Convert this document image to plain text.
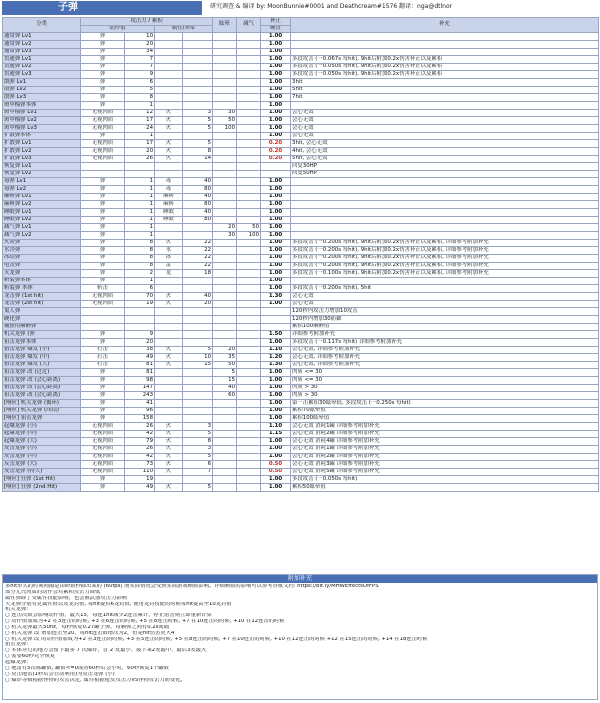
子弹	研究调查 & 编译 by: MoonBunnie#0001 and Deathcream#1576 翻译：nga@dtlnor
分类	攻击力 / 累积				眩晕	减气	补正	补充
	动作值		属性/异常				硬直	
通常弹 Lv1	弹	10					1.00	
通常弹 Lv2	弹	20					1.00	
通常弹 Lv3	弹	34					1.00	
贯通弹 Lv1	弹	7					1.00	多段攻击 (一0.067s 每hit), 9hit后附加0.2x伤害补正以及累积
贯通弹 Lv2	弹	7					1.00	多段攻击 (一0.050s 每hit), 9hit后附加0.2x伤害补正以及累积
贯通弹 Lv3	弹	9					1.00	多段攻击 (一0.050s 每hit), 9hit后附加0.2x伤害补正以及累积
散弹 Lv1	弹	6					1.00	3hit
散弹 Lv2	弹	5					1.00	5hit
散弹 Lv3	弹	8					1.00	7hit
斑甲榴弹本体	弹	1					1.00	
斑甲榴弹 Lv1	无视肉质	12	火	3	30		1.00	会心无效
斑甲榴弹 Lv2	无视肉质	17	火	5	50		1.00	会心无效
斑甲榴弹 Lv3	无视肉质	24	火	5	100		1.00	会心无效
扩散弹本体	弹	1					1.00	会心无效
扩散弹 Lv1	无视肉质	17	火	5			0.20	3hit, 会心无效
扩散弹 Lv2	无视肉质	20	火	8			0.20	4hit, 会心无效
扩散弹 Lv3	无视肉质	26	火	14			0.20	5hit, 会心无效
恢复弹 Lv1								回复30HP
恢复弹 Lv2								回复50HP
毒弹 Lv1	弹	1	毒	40			1.00	
毒弹 Lv2	弹	1	毒	80			1.00	
麻痹弹 Lv1	弹	1	麻痹	40			1.00	
麻痹弹 Lv2	弹	1	麻痹	80			1.00	
睡眠弹 Lv1	弹	1	睡眠	40			1.00	
睡眠弹 Lv2	弹	1	睡眠	80			1.00	
减气弹 Lv1	弹	1			20	50	1.00	
减气弹 Lv2	弹	1			30	100	1.00	
火炎弹	弹	8	火	22			1.00	多段攻击 (一0.200s 每hit), 9hit后附加0.2x伤害补正以及累积, 详细参考附加补充
水冷弹	弹	8	水	22			1.00	多段攻击 (一0.200s 每hit), 9hit后附加0.2x伤害补正以及累积, 详细参考附加补充
冰结弹	弹	8	冰	22			1.00	多段攻击 (一0.200s 每hit), 9hit后附加0.2x伤害补正以及累积, 详细参考附加补充
电击弹	弹	8	雷	22			1.00	多段攻击 (一0.200s 每hit), 9hit后附加0.2x伤害补正以及累积, 详细参考附加补充
灭龙弹	弹	2	龙	18			1.00	多段攻击 (一0.100s 每hit), 9hit后附加0.2x伤害补正以及累积, 详细参考附加补充
斩裂弹本体	弹	1					1.00	
斩裂弹 本体	斩击	6					1.00	多段攻击 (一0.200s 每hit), 5hit
龙击弹 (1st hit)	无视肉质	70	火	40			1.30	会心无效
龙击弹 (2st hit)	无视肉质	19	火	20			1.00	会心无效
鬼人弹								120秒内攻击力增加10攻击
硬化弹								120秒内增加30防御
捕获用麻醉弹								累积100麻醉值
机关龙弹 (弹	弹	9					1.50	详细参考附加补充
狙击龙弹本体	弹	20					1.00	多段攻击 (一0.117s 每hit) 详细参考附加补充
狙击龙弹 爆发 (小)	打击	38	火	5	20		1.10	会心无效, 详细参考附加补充
狙击龙弹 爆发 (中)	打击	49	火	10	35		1.20	会心无效, 详细参考附加补充
狙击龙弹 爆发 (大)	打击	81	火	15	50		1.30	会心无效, 详细参考附加补充
狙击龙弹 改 (过近)	弹	81			5		1.00	肉质 <= 30
狙击龙弹 改 (会心距离)	弹	98			15		1.00	肉质 <= 30
狙击龙弹 改 (会心距离)	弹	147			40		1.00	肉质 > 30
狙击龙弹 改 (会心距离)	弹	243			60		1.00	肉质 > 30
[响应] 机关龙弹 (循环)	弹	41					1.00	第一击累积30眩晕值, 多段攻击 (一0.250s 每hit)
[响应] 机关龙弹 (终结)	弹	96					1.00	累积70眩晕值
[响应] 狙击龙弹	弹	158					1.00	累积100眩晕值
起爆龙弹 (小)	无视肉质	26	火	3			1.10	会心无效 消耗1罐 详细参考附加补充
起爆龙弹 (中)	无视肉质	42	火	5			1.15	会心无效 消耗2罐 详细参考附加补充
起爆龙弹 (大)	无视肉质	79	火	8			1.00	会心无效 消耗4罐 详细参考附加补充
反击龙弹 (小)	无视肉质	26	火	3			1.00	会心无效 消耗1罐 详细参考附加补充
反击龙弹 (中)	无视肉质	42	火	5			1.00	会心无效 消耗2罐 详细参考附加补充
反击龙弹 (大)	无视肉质	73	火	6			0.50	会心无效 消耗3罐 详细参考附加补充
反击龙弹 (特大)	无视肉质	110	火	7			0.50	会心无效 消耗5罐 详细参考附加补充
[响应] 狂弹 (1st Hit)	弹	19					1.00	多段攻击 (一0.050s 每hit)
[响应] 狂弹 (2nd Hit)	弹	49	火	5			1.00	累积50眩晕值
附加补充
多hit形式的时间间隔是由研数秒除出来的 (60fps) 而实际情况会受到实际游戏帧数影响。详细帧数的影响可以参考谷歌文档: https://bit.ly/MHWEffectsOfFPS
部分尤氏肉质的动作会对累积攻击力降低
属性弹除了受属性技能影响，也会被武器攻击力影响
天龙弹分别有克属性值以及龙封值, 每hit提供6龙封值, 使用龙封枝能的时候每hit提高至10龙封值
机关龙弹:
○ 连击次数会影响动作值，最大15，每连1hit减少2连击累计，停止射击则立即重新计算
○ 动作值加成为+2 在3连击的时候, +3 在6连击的时候, +5 在8连击时候, +7 在10连击的时候, +10 在12连击的时候
○ 机关龙弹最大50hz，每秒恢复0.27罐子弹，每颗弹之间有0.2s间隔
○ 机关龙弹 改 增加连击至20，每hit连击数增次为2，但是hit伤害更大4
○ 机关龙弹 改 的动作值加成为+2 在3连击的时候, +3 在5连击的时候, +5 在8连击的时候, +7 在10连击的时候, +10 在12连击的时候 +12 在15连击的时候, +14 在18连击时候
狙击龙弹:
○ 本体穿过的地方会留下最多 7 次爆炸，首 2 发最小、接下来2发最中、最后3发最大
○ 需要60秒完全恢复
起爆龙弹:
○ 地雷有5次栋罐数, 罐数<=0或者60秒后会小时，60秒恢复1个罐数
○ 反击地雷(1秒后会自动利用)为反击龙弹 (小)
○ 爆炸等级根据怪物的攻击决定, 属性根据枪反攻击力VS怪物攻击力而变化。
